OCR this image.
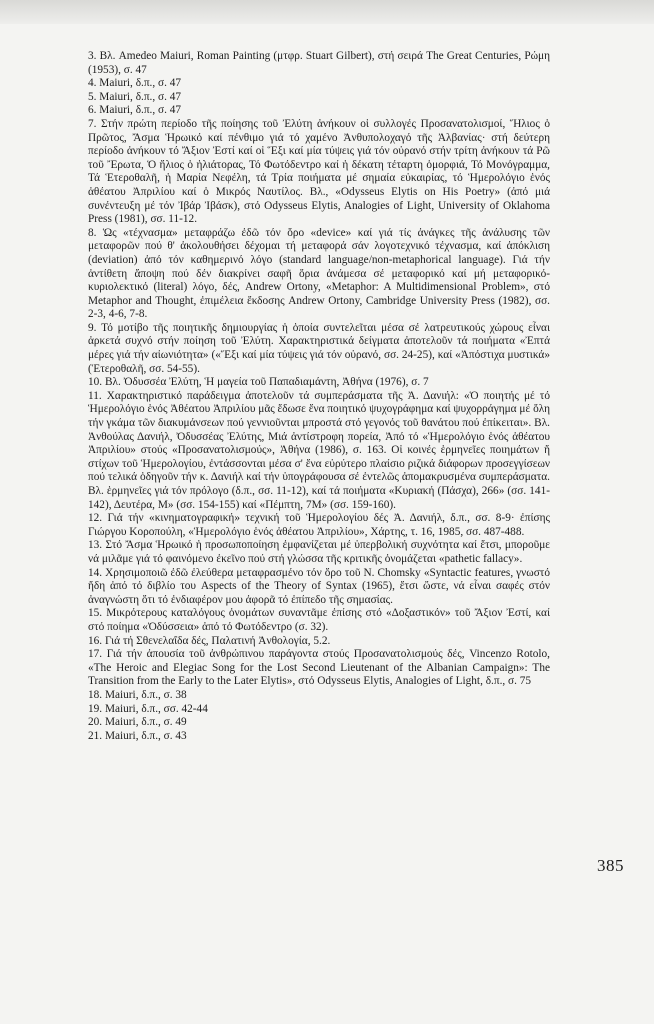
3. Βλ. Amedeo Maiuri, Roman Painting (μτφρ. Stuart Gilbert), στή σειρά The Great Centuries, Ρώμη (1953), σ. 47

4. Maiuri, δ.π., σ. 47

5. Maiuri, δ.π., σ. 47

6. Maiuri, δ.π., σ. 47

7. Στήν πρώτη περίοδο τῆς ποίησης τοῦ Ἐλύτη ἀνήκουν οἱ συλλογές Προσανατολισμοί, Ἥλιος ὁ Πρῶτος, Ἄσμα Ἡρωικό καί πένθιμο γιά τό χαμένο Ἀνθυπολοχαγό τῆς Ἀλβανίας· στή δεύτερη περίοδο ἀνήκουν τό Ἄξιον Ἐστί καί οἱ Ἕξι καί μία τύψεις γιά τόν οὐρανό στήν τρίτη ἀνήκουν τά Ρῶ τοῦ Ἔρωτα, Ὁ ἥλιος ὁ ἡλιάτορας, Τό Φωτόδεντρο καί ἡ δέκατη τέταρτη ὀμορφιά, Τό Μονόγραμμα, Τά Ἑτεροθαλῆ, ἡ Μαρία Νεφέλη, τά Τρία ποιήματα μέ σημαία εὐκαιρίας, τό Ἡμερολόγιο ἑνός ἀθέατου Ἀπριλίου καί ὁ Μικρός Ναυτίλος. Βλ., «Odysseus Elytis on His Poetry» (ἀπό μιά συνέντευξη μέ τόν Ἰβάρ Ἰβάσκ), στό Odysseus Elytis, Analogies of Light, University of Oklahoma Press (1981), σσ. 11-12.

8. Ὡς «τέχνασμα» μεταφράζω ἐδῶ τόν ὅρο «device» καί γιά τίς ἀνάγκες τῆς ἀνάλυσης τῶν μεταφορῶν πού θ' ἀκολουθήσει δέχομαι τή μεταφορά σάν λογοτεχνικό τέχνασμα, καί ἀπόκλιση (deviation) ἀπό τόν καθημερινό λόγο (standard language/non-metaphorical language). Γιά τήν ἀντίθετη ἄποψη πού δέν διακρίνει σαφῆ ὅρια ἀνάμεσα σέ μεταφορικό καί μή μεταφορικό-κυριολεκτικό (literal) λόγο, δές, Andrew Ortony, «Metaphor: A Multidimensional Problem», στό Metaphor and Thought, ἐπιμέλεια ἔκδοσης Andrew Ortony, Cambridge University Press (1982), σσ. 2-3, 4-6, 7-8.

9. Τό μοτίβο τῆς ποιητικῆς δημιουργίας ἡ ὁποία συντελεῖται μέσα σέ λατρευτικούς χώρους εἶναι ἀρκετά συχνό στήν ποίηση τοῦ Ἐλύτη. Χαρακτηριστικά δείγματα ἀποτελοῦν τά ποιήματα «Ἐπτά μέρες γιά τήν αἰωνιότητα» («Ἕξι καί μία τύψεις γιά τόν οὐρανό, σσ. 24-25), καί «Ἀπόστιχα μυστικά» (Ἑτεροθαλῆ, σσ. 54-55).

10. Βλ. Ὀδυσσέα Ἐλύτη, Ἡ μαγεία τοῦ Παπαδιαμάντη, Ἀθήνα (1976), σ. 7

11. Χαρακτηριστικό παράδειγμα ἀποτελοῦν τά συμπεράσματα τῆς Ἀ. Δανιήλ: «Ὁ ποιητής μέ τό Ἡμερολόγιο ἑνός Ἀθέατου Ἀπριλίου μᾶς ἔδωσε ἕνα ποιητικό ψυχογράφημα καί ψυχορράγημα μέ ὅλη τήν γκάμα τῶν διακυμάνσεων πού γεννιοῦνται μπροστά στό γεγονός τοῦ θανάτου πού ἐπίκειται». Βλ. Ἀνθούλας Δανιήλ, Ὀδυσσέας Ἐλύτης, Μιά ἀντίστροφη πορεία, Ἀπό τό «Ἡμερολόγιο ἑνός ἀθέατου Ἀπριλίου» στούς «Προσανατολισμούς», Ἀθήνα (1986), σ. 163. Οἱ κοινές ἑρμηνεῖες ποιημάτων ἤ στίχων τοῦ Ἡμερολογίου, ἐντάσσονται μέσα σ' ἕνα εὐρύτερο πλαίσιο ριζικά διάφορων προσεγγίσεων πού τελικά ὁδηγοῦν τήν κ. Δανιήλ καί τήν ὑπογράφουσα σέ ἐντελῶς ἀπομακρυσμένα συμπεράσματα. Βλ. ἑρμηνεῖες γιά τόν πρόλογο (δ.π., σσ. 11-12), καί τά ποιήματα «Κυριακή (Πάσχα), 266» (σσ. 141-142), Δευτέρα, Μ» (σσ. 154-155) καί «Πέμπτη, 7Μ» (σσ. 159-160).

12. Γιά τήν «κινηματογραφική» τεχνική τοῦ Ἡμερολογίου δές Ἀ. Δανιήλ, δ.π., σσ. 8-9· ἐπίσης Γιώργου Κοροπούλη, «Ἡμερολόγιο ἑνός ἀθέατου Ἀπριλίου», Χάρτης, τ. 16, 1985, σσ. 487-488.

13. Στό Ἄσμα Ἡρωικό ἡ προσωποποίηση ἐμφανίζεται μέ ὑπερβολική συχνότητα καί ἔτσι, μπoροῦμε νά μιλᾶμε γιά τό φαινόμενο ἐκεῖνο πού στή γλώσσα τῆς κριτικῆς ὀνομάζεται «pathetic fallacy».

14. Χρησιμοποιῶ ἐδῶ ἐλεύθερα μεταφρασμένο τόν ὅρο τοῦ N. Chomsky «Syntactic features, γνωστό ἤδη ἀπό τό διβλίο του Aspects of the Theory of Syntax (1965), ἔτσι ὥστε, νά εἶναι σαφές στόν ἀναγνώστη ὅτι τό ἐνδιαφέρον μου ἀφορᾶ τό ἐπίπεδο τῆς σημασίας.

15. Μικρότερους καταλόγους ὀνομάτων συναντᾶμε ἐπίσης στό «Δοξαστικόν» τοῦ Ἄξιον Ἐστί, καί στό ποίημα «Ὀδύσσεια» ἀπό τό Φωτόδεντρο (σ. 32).

16. Γιά τή Σθενελαΐδα δές, Παλατινή Ἀνθολογία, 5.2.

17. Γιά τήν ἀπουσία τοῦ ἀνθρώπινου παράγοντα στούς Προσανατολισμούς δές, Vincenzo Rotolo, «The Heroic and Elegiac Song for the Lost Second Lieutenant of the Albanian Campaign»: The Transition from the Early to the Later Elytis», στό Odysseus Elytis, Analogies of Light, δ.π., σ. 75

18. Maiuri, δ.π., σ. 38

19. Maiuri, δ.π., σσ. 42-44

20. Maiuri, δ.π., σ. 49

21. Maiuri, δ.π., σ. 43

385
